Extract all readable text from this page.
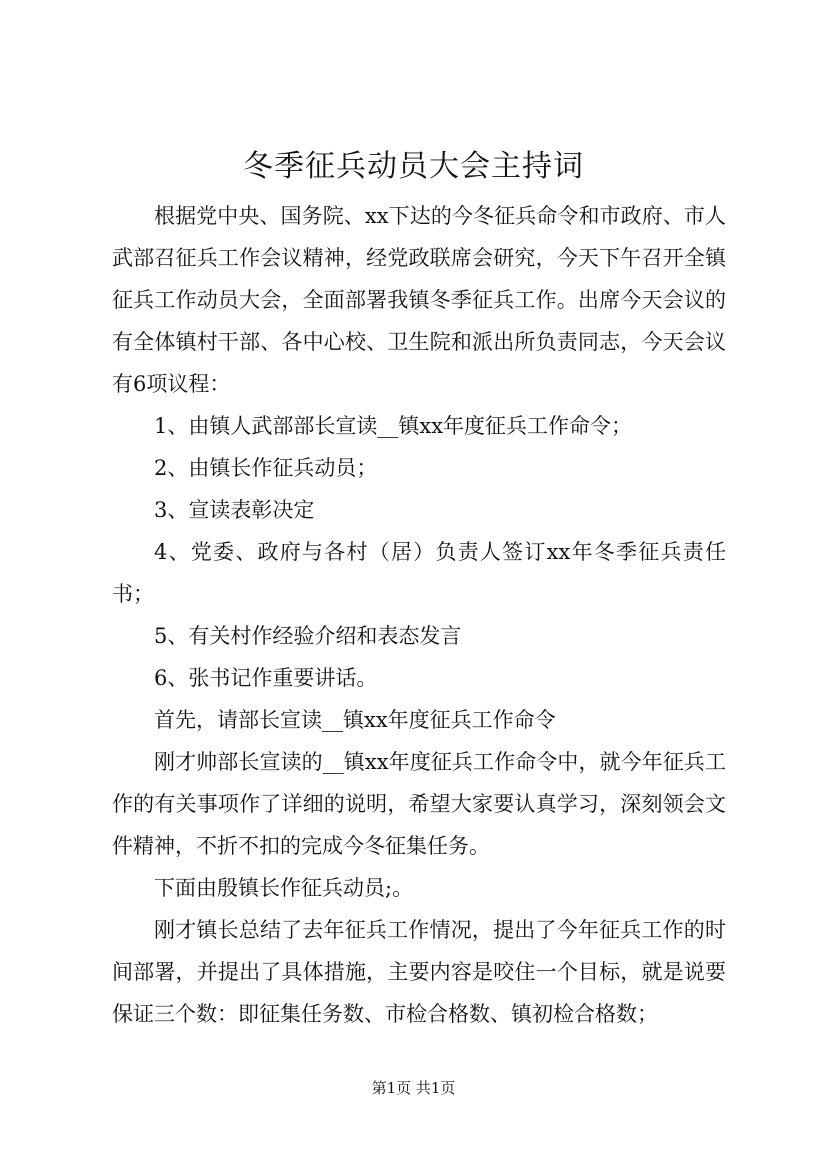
冬季征兵动员大会主持词

根据党中央、国务院、xx下达的今冬征兵命令和市政府、市人武部召征兵工作会议精神，经党政联席会研究，今天下午召开全镇征兵工作动员大会，全面部署我镇冬季征兵工作。出席今天会议的有全体镇村干部、各中心校、卫生院和派出所负责同志，今天会议有6项议程：

1、由镇人武部部长宣读__镇xx年度征兵工作命令；

2、由镇长作征兵动员；

3、宣读表彰决定

4、党委、政府与各村（居）负责人签订xx年冬季征兵责任书；

5、有关村作经验介绍和表态发言

6、张书记作重要讲话。

首先，请部长宣读__镇xx年度征兵工作命令

刚才帅部长宣读的__镇xx年度征兵工作命令中，就今年征兵工作的有关事项作了详细的说明，希望大家要认真学习，深刻领会文件精神，不折不扣的完成今冬征集任务。

下面由殷镇长作征兵动员;。

刚才镇长总结了去年征兵工作情况，提出了今年征兵工作的时间部署，并提出了具体措施，主要内容是咬住一个目标，就是说要保证三个数：即征集任务数、市检合格数、镇初检合格数；

第1页 共1页
